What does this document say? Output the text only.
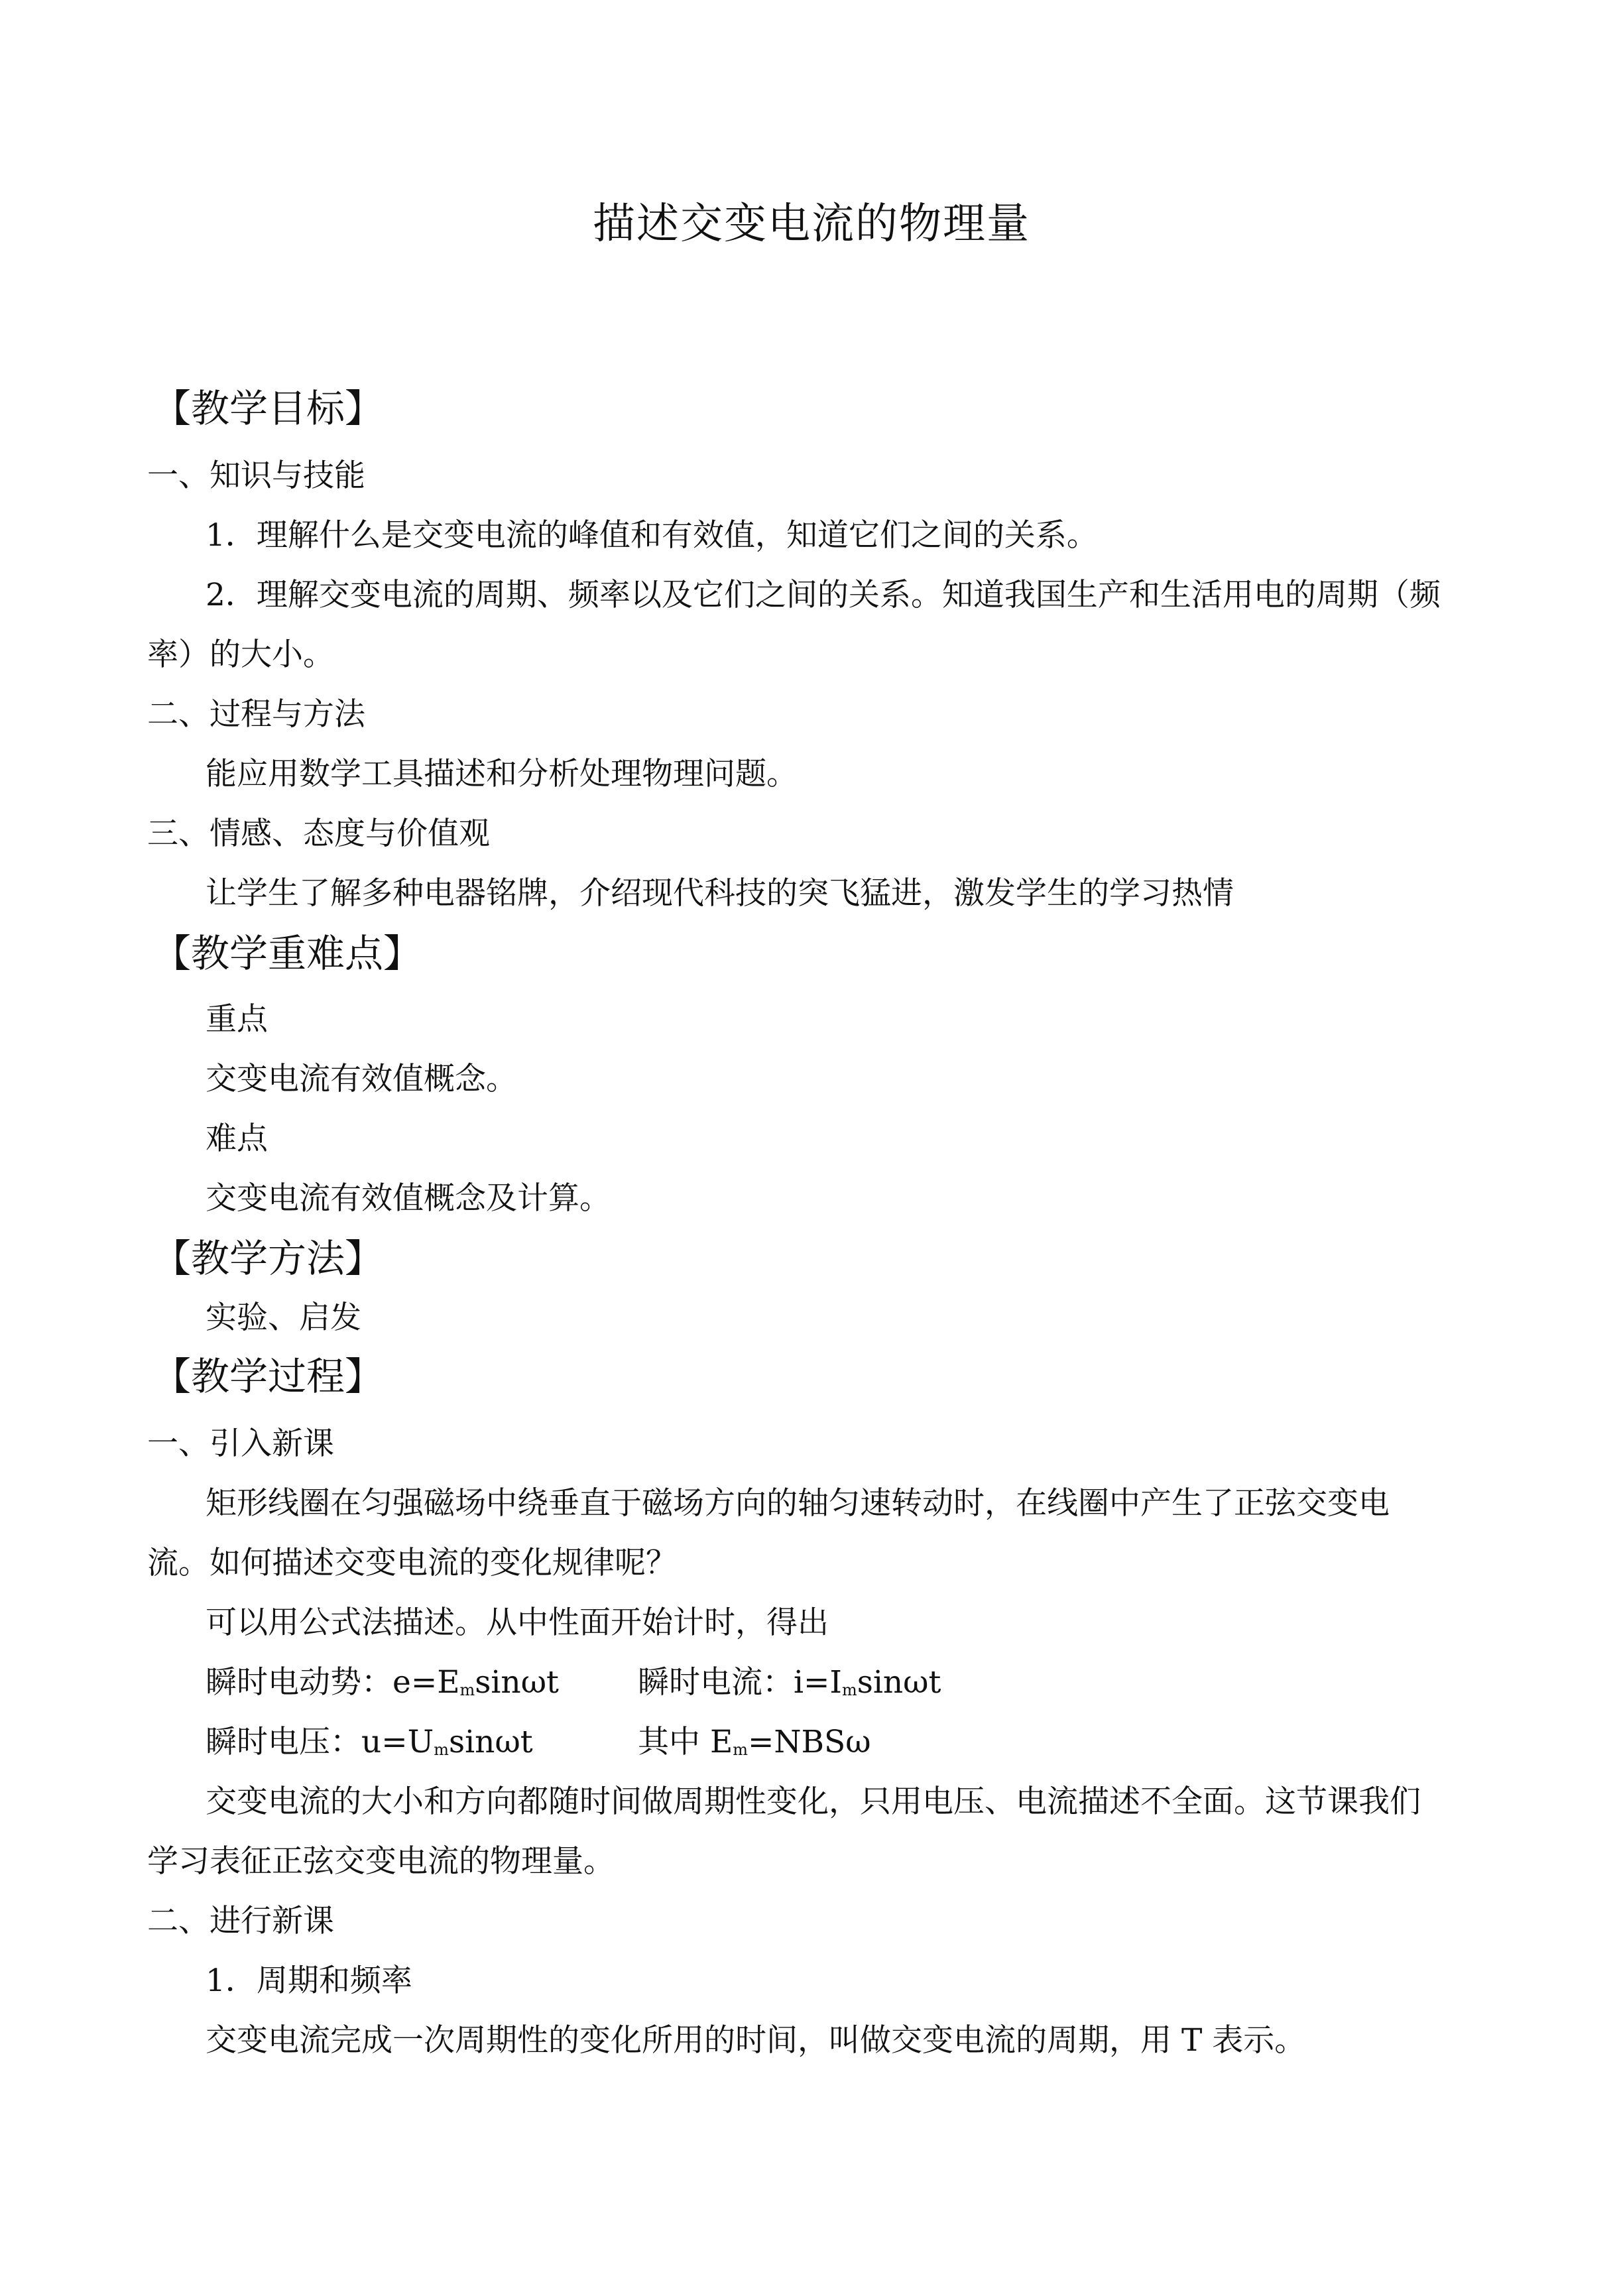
描述交变电流的物理量
【教学目标】
一、知识与技能
1．理解什么是交变电流的峰值和有效值，知道它们之间的关系。
2．理解交变电流的周期、频率以及它们之间的关系。知道我国生产和生活用电的周期（频
率）的大小。
二、过程与方法
能应用数学工具描述和分析处理物理问题。
三、情感、态度与价值观
让学生了解多种电器铭牌，介绍现代科技的突飞猛进，激发学生的学习热情
【教学重难点】
重点
交变电流有效值概念。
难点
交变电流有效值概念及计算。
【教学方法】
实验、启发
【教学过程】
一、引入新课
矩形线圈在匀强磁场中绕垂直于磁场方向的轴匀速转动时，在线圈中产生了正弦交变电
流。如何描述交变电流的变化规律呢？
可以用公式法描述。从中性面开始计时，得出
瞬时电动势：$e=E_m\sin\omega t$	瞬时电流：$i=I_m\sin\omega t$
瞬时电压：$u=U_m\sin\omega t$	其中 $E_m=NBS\omega$
交变电流的大小和方向都随时间做周期性变化，只用电压、电流描述不全面。这节课我们
学习表征正弦交变电流的物理量。
二、进行新课
1．周期和频率
交变电流完成一次周期性的变化所用的时间，叫做交变电流的周期，用 T 表示。
